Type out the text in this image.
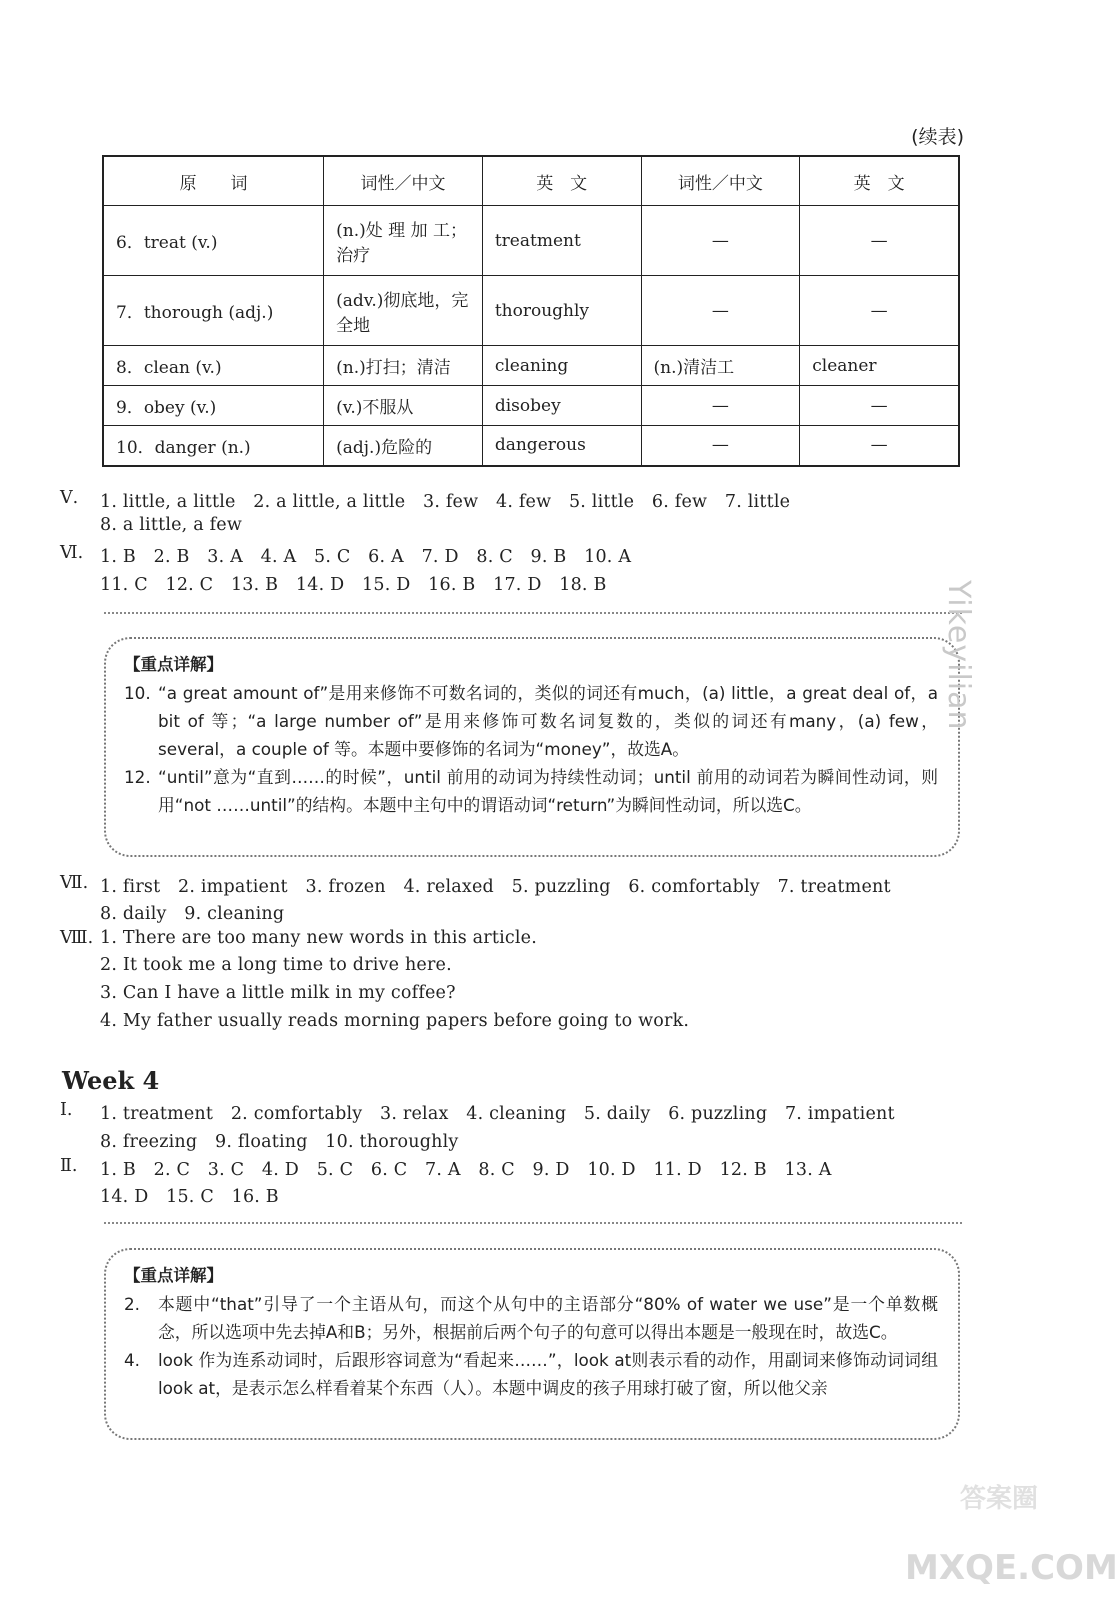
(续表)
原　　词	词性／中文	英　文	词性／中文	英　文
6．treat (v.)	(n.)处 理 加 工；治疗	treatment	—	—
7．thorough (adj.)	(adv.)彻底地，完全地	thoroughly	—	—
8．clean (v.)	(n.)打扫；清洁	cleaning	(n.)清洁工	cleaner
9．obey (v.)	(v.)不服从	disobey	—	—
10．danger (n.)	(adj.)危险的	dangerous	—	—
Ⅴ. 1. little, a little　2. a little, a little　3. few　4. few　5. little　6. few　7. little
8. a little, a few
Ⅵ. 1. B　2. B　3. A　4. A　5. C　6. A　7. D　8. C　9. B　10. A
11. C　12. C　13. B　14. D　15. D　16. B　17. D　18. B
【重点详解】
10. “a great amount of”是用来修饰不可数名词的，类似的词还有much，(a) little，a great deal of，a bit of 等；“a large number of”是用来修饰可数名词复数的，类似的词还有many，(a) few，several，a couple of 等。本题中要修饰的名词为“money”，故选A。
12. “until”意为“直到……的时候”，until 前用的动词为持续性动词；until 前用的动词若为瞬间性动词，则用“not ……until”的结构。本题中主句中的谓语动词“return”为瞬间性动词，所以选C。
Ⅶ. 1. first　2. impatient　3. frozen　4. relaxed　5. puzzling　6. comfortably　7. treatment
8. daily　9. cleaning
Ⅷ. 1. There are too many new words in this article.
2. It took me a long time to drive here.
3. Can I have a little milk in my coffee?
4. My father usually reads morning papers before going to work.
Week 4
Ⅰ. 1. treatment　2. comfortably　3. relax　4. cleaning　5. daily　6. puzzling　7. impatient
8. freezing　9. floating　10. thoroughly
Ⅱ. 1. B　2. C　3. C　4. D　5. C　6. C　7. A　8. C　9. D　10. D　11. D　12. B　13. A
14. D　15. C　16. B
【重点详解】
2.	本题中“that”引导了一个主语从句，而这个从句中的主语部分“80% of water we use”是一个单数概念，所以选项中先去掉A和B；另外，根据前后两个句子的句意可以得出本题是一般现在时，故选C。
4.	look 作为连系动词时，后跟形容词意为“看起来……”，look at则表示看的动作，用副词来修饰动词词组look at，是表示怎么样看着某个东西（人）。本题中调皮的孩子用球打破了窗，所以他父亲
Yikeyilian
答案圈
MXQE.COM
